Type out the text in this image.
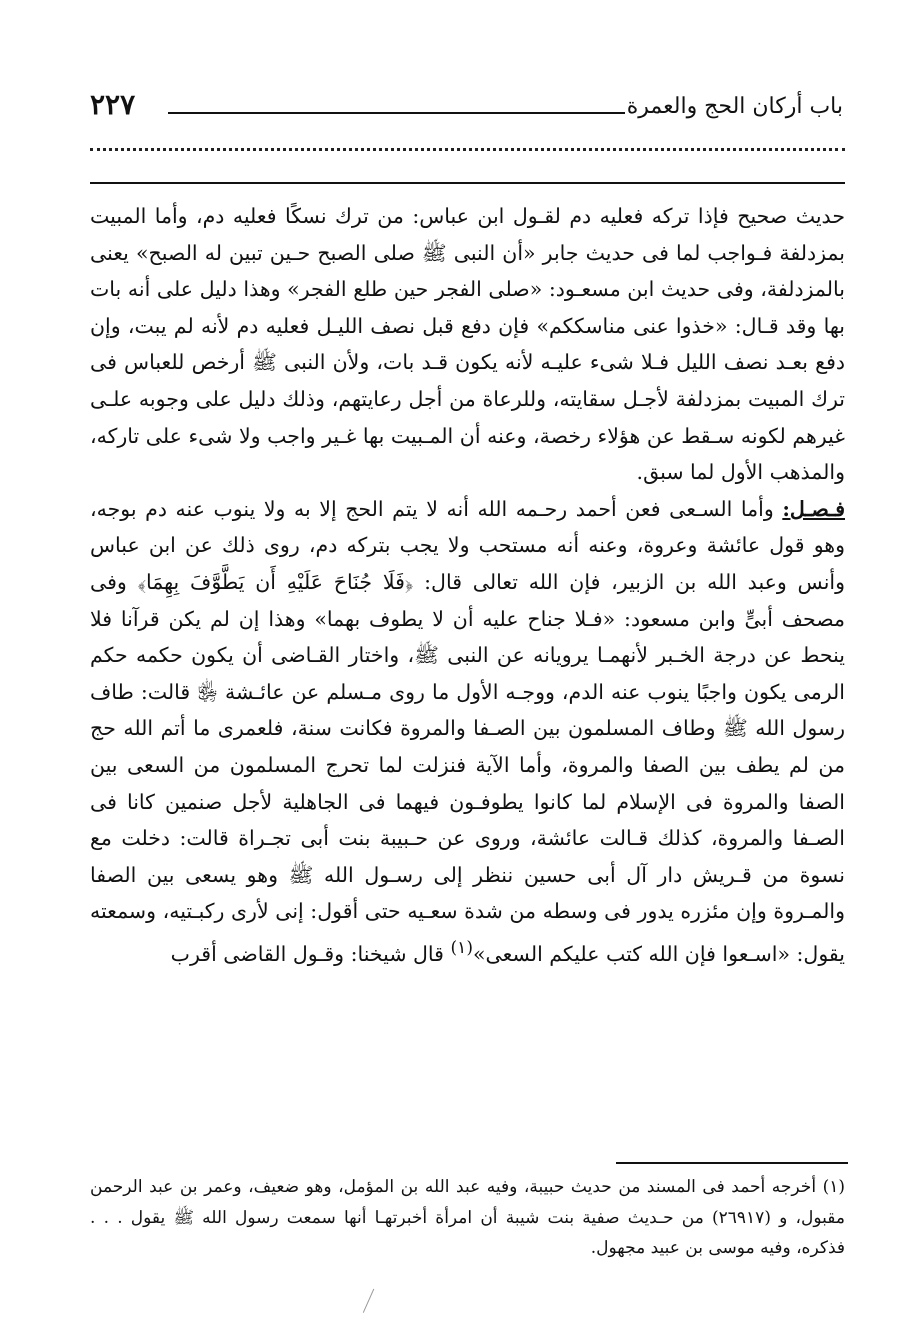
٢٢٧	باب أركان الحج والعمرة

حديث صحيح فإذا تركه فعليه دم لقـول ابن عباس: من ترك نسكًا فعليه دم، وأما المبيت بمزدلفة فـواجب لما فى حديث جابر «أن النبى ﷺ صلى الصبح حـين تبين له الصبح» يعنى بالمزدلفة، وفى حديث ابن مسعـود: «صلى الفجر حين طلع الفجر» وهذا دليل على أنه بات بها وقد قـال: «خذوا عنى مناسككم» فإن دفع قبل نصف الليـل فعليه دم لأنه لم يبت، وإن دفع بعـد نصف الليل فـلا شىء عليـه لأنه يكون قـد بات، ولأن النبى ﷺ أرخص للعباس فى ترك المبيت بمزدلفة لأجـل سقايته، وللرعاة من أجل رعايتهم، وذلك دليل على وجوبه علـى غيرهم لكونه سـقط عن هؤلاء رخصة، وعنه أن المـبيت بها غـير واجب ولا شىء على تاركه، والمذهب الأول لما سبق.

فـصـل: وأما السـعى فعن أحمد رحـمه الله أنه لا يتم الحج إلا به ولا ينوب عنه دم بوجه، وهو قول عائشة وعروة، وعنه أنه مستحب ولا يجب بتركه دم، روى ذلك عن ابن عباس وأنس وعبد الله بن الزبير، فإن الله تعالى قال: ﴿فَلَا جُنَاحَ عَلَيْهِ أَن يَطَّوَّفَ بِهِمَا﴾ وفى مصحف أبىٍّ وابن مسعود: «فـلا جناح عليه أن لا يطوف بهما» وهذا إن لم يكن قرآنا فلا ينحط عن درجة الخـبر لأنهمـا يرويانه عن النبى ﷺ، واختار القـاضى أن يكون حكمه حكم الرمى يكون واجبًا ينوب عنه الدم، ووجـه الأول ما روى مـسلم عن عائـشة ﵂ قالت: طاف رسول الله ﷺ وطاف المسلمون بين الصـفا والمروة فكانت سنة، فلعمرى ما أتم الله حج من لم يطف بين الصفا والمروة، وأما الآية فنزلت لما تحرج المسلمون من السعى بين الصفا والمروة فى الإسلام لما كانوا يطوفـون فيهما فى الجاهلية لأجل صنمين كانا فى الصـفا والمروة، كذلك قـالت عائشة، وروى عن حـبيبة بنت أبى تجـراة قالت: دخلت مع نسوة من قـريش دار آل أبى حسين ننظر إلى رسـول الله ﷺ وهو يسعى بين الصفا والمـروة وإن مئزره يدور فى وسطه من شدة سعـيه حتى أقول: إنى لأرى ركبـتيه، وسمعته يقول: «اسـعوا فإن الله كتب عليكم السعى»$^{(١)}$ قال شيخنا: وقـول القاضى أقرب

(١) أخرجه أحمد فى المسند من حديث حبيبة، وفيه عبد الله بن المؤمل، وهو ضعيف، وعمر بن عبد الرحمن مقبول، و (٢٦٩١٧) من حـديث صفية بنت شيبة أن امرأة أخبرتهـا أنها سمعت رسول الله ﷺ يقول . . . فذكره، وفيه موسى بن عبيد مجهول.
